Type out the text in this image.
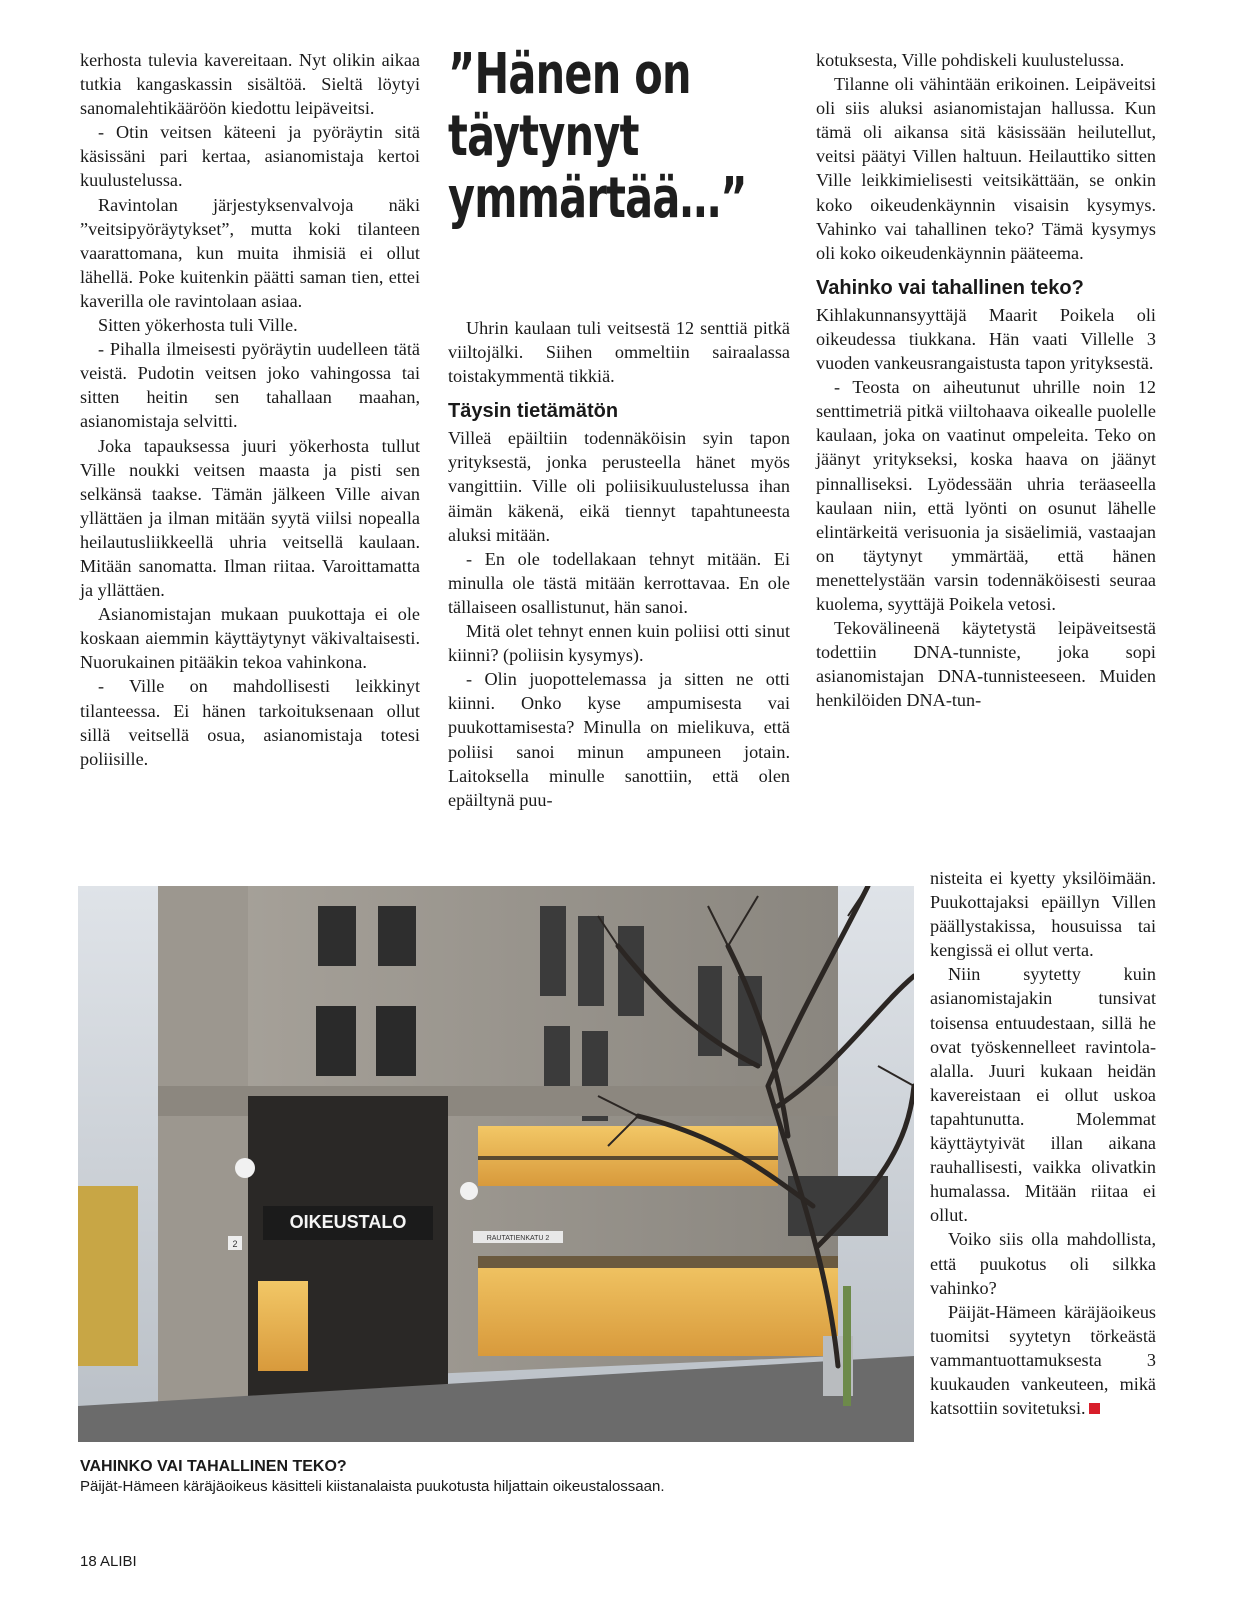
kerhosta tulevia kavereitaan. Nyt olikin aikaa tutkia kangaskassin sisältöä. Sieltä löytyi sanomalehtikääröön kiedottu leipäveitsi.

- Otin veitsen käteeni ja pyöräytin sitä käsissäni pari kertaa, asianomistaja kertoi kuulustelussa.

Ravintolan järjestyksenvalvoja näki ”veitsipyöräytykset”, mutta koki tilanteen vaarattomana, kun muita ihmisiä ei ollut lähellä. Poke kuitenkin päätti saman tien, ettei kaverilla ole ravintolaan asiaa.

Sitten yökerhosta tuli Ville.

- Pihalla ilmeisesti pyöräytin uudelleen tätä veistä. Pudotin veitsen joko vahingossa tai sitten heitin sen tahallaan maahan, asianomistaja selvitti.

Joka tapauksessa juuri yökerhosta tullut Ville noukki veitsen maasta ja pisti sen selkänsä taakse. Tämän jälkeen Ville aivan yllättäen ja ilman mitään syytä viilsi nopealla heilautusliikkeellä uhria veitsellä kaulaan. Mitään sanomatta. Ilman riitaa. Varoittamatta ja yllättäen.

Asianomistajan mukaan puukottaja ei ole koskaan aiemmin käyttäytynyt väkivaltaisesti. Nuorukainen pitääkin tekoa vahinkona.

- Ville on mahdollisesti leikkinyt tilanteessa. Ei hänen tarkoituksenaan ollut sillä veitsellä osua, asianomistaja totesi poliisille.

”Hänen on täytynyt ymmärtää…”

Uhrin kaulaan tuli veitsestä 12 senttiä pitkä viiltojälki. Siihen ommeltiin sairaalassa toistakymmentä tikkiä.

Täysin tietämätön

Villeä epäiltiin todennäköisin syin tapon yrityksestä, jonka perusteella hänet myös vangittiin. Ville oli poliisikuulustelussa ihan äimän käkenä, eikä tiennyt tapahtuneesta aluksi mitään.

- En ole todellakaan tehnyt mitään. Ei minulla ole tästä mitään kerrottavaa. En ole tällaiseen osallistunut, hän sanoi.

Mitä olet tehnyt ennen kuin poliisi otti sinut kiinni? (poliisin kysymys).

- Olin juopottelemassa ja sitten ne otti kiinni. Onko kyse ampumisesta vai puukottamisesta? Minulla on mielikuva, että poliisi sanoi minun ampuneen jotain. Laitoksella minulle sanottiin, että olen epäiltynä puu-

kotuksesta, Ville pohdiskeli kuulustelussa.

Tilanne oli vähintään erikoinen. Leipäveitsi oli siis aluksi asianomistajan hallussa. Kun tämä oli aikansa sitä käsissään heilutellut, veitsi päätyi Villen haltuun. Heilauttiko sitten Ville leikkimielisesti veitsikättään, se onkin koko oikeudenkäynnin visaisin kysymys. Vahinko vai tahallinen teko? Tämä kysymys oli koko oikeudenkäynnin pääteema.

Vahinko vai tahallinen teko?

Kihlakunnansyyttäjä Maarit Poikela oli oikeudessa tiukkana. Hän vaati Villelle 3 vuoden vankeusrangaistusta tapon yrityksestä.

- Teosta on aiheutunut uhrille noin 12 senttimetriä pitkä viiltohaava oikealle puolelle kaulaan, joka on vaatinut ompeleita. Teko on jäänyt yritykseksi, koska haava on jäänyt pinnalliseksi. Lyödessään uhria teräaseella kaulaan niin, että lyönti on osunut lähelle elintärkeitä verisuonia ja sisäelimiä, vastaajan on täytynyt ymmärtää, että hänen menettelystään varsin todennäköisesti seuraa kuolema, syyttäjä Poikela vetosi.

Tekovälineenä käytetystä leipäveitsestä todettiin DNA-tunniste, joka sopi asianomistajan DNA-tunnisteeseen. Muiden henkilöiden DNA-tun-

nisteita ei kyetty yksilöimään. Puukottajaksi epäillyn Villen päällystakissa, housuissa tai kengissä ei ollut verta.

Niin syytetty kuin asianomistajakin tunsivat toisensa entuudestaan, sillä he ovat työskennelleet ravintola-alalla. Juuri kukaan heidän kavereistaan ei ollut uskoa tapahtunutta. Molemmat käyttäytyivät illan aikana rauhallisesti, vaikka olivatkin humalassa. Mitään riitaa ei ollut.

Voiko siis olla mahdollista, että puukotus oli silkka vahinko?

Päijät-Hämeen käräjäoikeus tuomitsi syytetyn törkeästä vammantuottamuksesta 3 kuukauden vankeuteen, mikä katsottiin sovitetuksi.

OIKEUSTALO
RAUTATIENKATU 2
2
VAHINKO VAI TAHALLINEN TEKO?
Päijät-Hämeen käräjäoikeus käsitteli kiistanalaista puukotusta hiljattain oikeustalossaan.
18 ALIBI
